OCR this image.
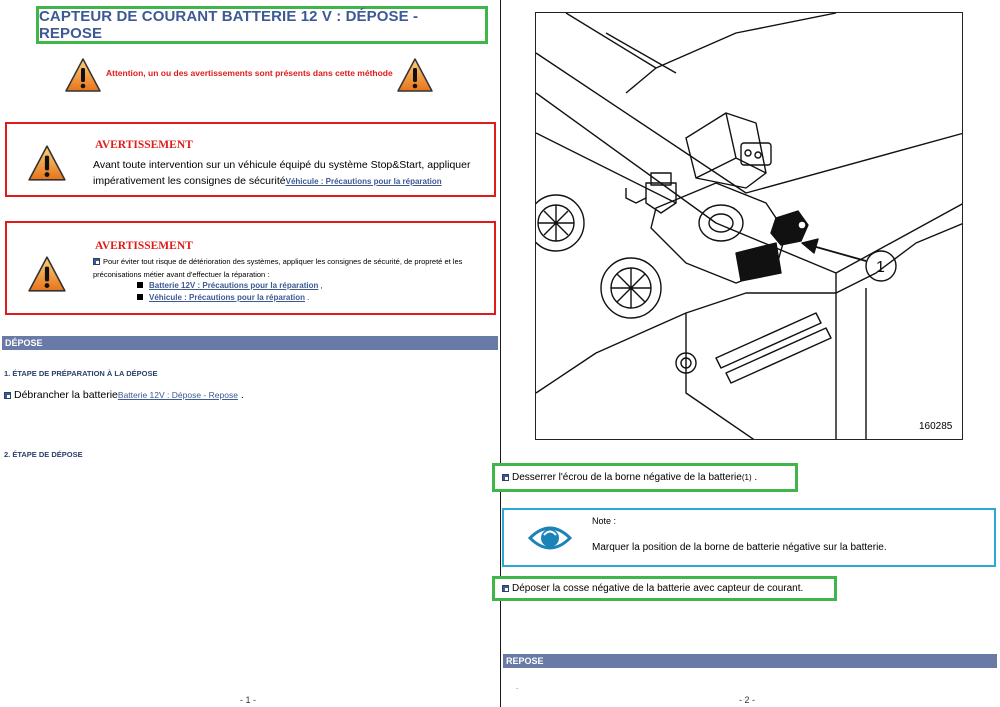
CAPTEUR DE COURANT BATTERIE 12 V : DÉPOSE - REPOSE
Attention, un ou des avertissements sont présents dans cette méthode
AVERTISSEMENT
Avant toute intervention sur un véhicule équipé du système Stop&Start, appliquer impérativement les consignes de sécuritéVéhicule : Précautions pour la réparation
AVERTISSEMENT
Pour éviter tout risque de détérioration des systèmes, appliquer les consignes de sécurité, de propreté et les préconisations métier avant d'effectuer la réparation :
Batterie 12V : Précautions pour la réparation ,
Véhicule : Précautions pour la réparation .
DÉPOSE
1. ÉTAPE DE PRÉPARATION À LA DÉPOSE
Débrancher la batterieBatterie 12V : Dépose - Repose .
2. ÉTAPE DE DÉPOSE
- 1 -
1
160285
Desserrer l'écrou de la borne négative de la batterie (1) .
Note :
Marquer la position de la borne de batterie négative sur la batterie.
Déposer la cosse négative de la batterie avec capteur de courant.
REPOSE
.
- 2 -
